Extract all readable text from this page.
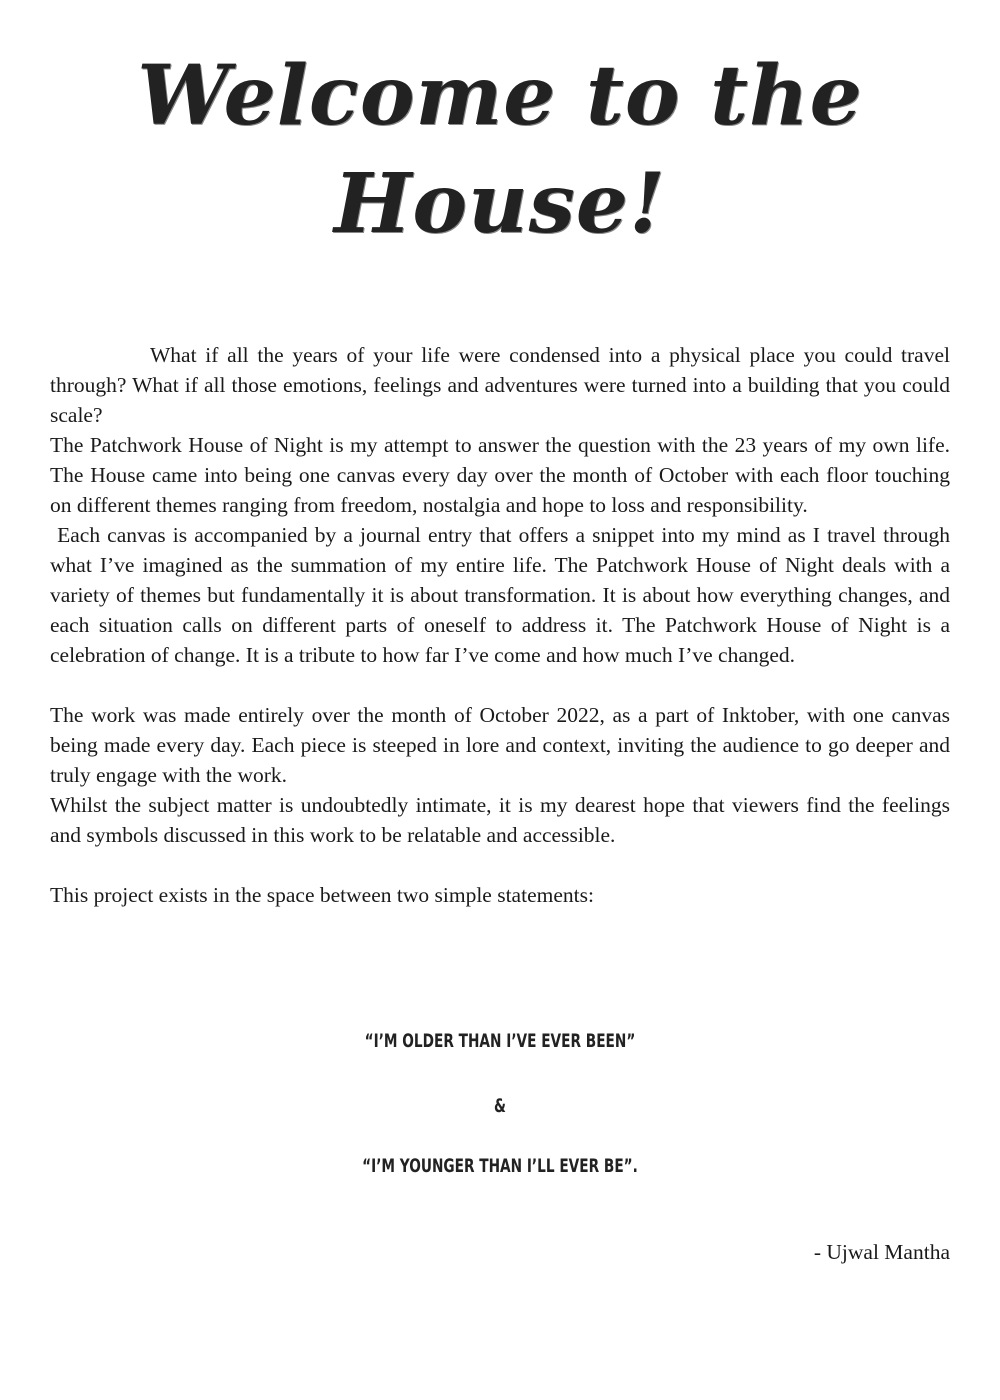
Welcome to the
House!

What if all the years of your life were condensed into a physical place you could travel through? What if all those emotions, feelings and adventures were turned into a building that you could scale?

The Patchwork House of Night is my attempt to answer the question with the 23 years of my own life. The House came into being one canvas every day over the month of October with each floor touching on different themes ranging from freedom, nostalgia and hope to loss and responsibility.

Each canvas is accompanied by a journal entry that offers a snippet into my mind as I travel through what I’ve imagined as the summation of my entire life. The Patchwork House of Night deals with a variety of themes but fundamentally it is about transformation. It is about how everything changes, and each situation calls on different parts of oneself to address it. The Patchwork House of Night is a celebration of change. It is a tribute to how far I’ve come and how much I’ve changed.

The work was made entirely over the month of October 2022, as a part of Inktober, with one canvas being made every day. Each piece is steeped in lore and context, inviting the audience to go deeper and truly engage with the work.

Whilst the subject matter is undoubtedly intimate, it is my dearest hope that viewers find the feelings and symbols discussed in this work to be relatable and accessible.

This project exists in the space between two simple statements:

“I’M OLDER THAN I’VE EVER BEEN”

&

“I’M YOUNGER THAN I’LL EVER BE”.

- Ujwal Mantha
